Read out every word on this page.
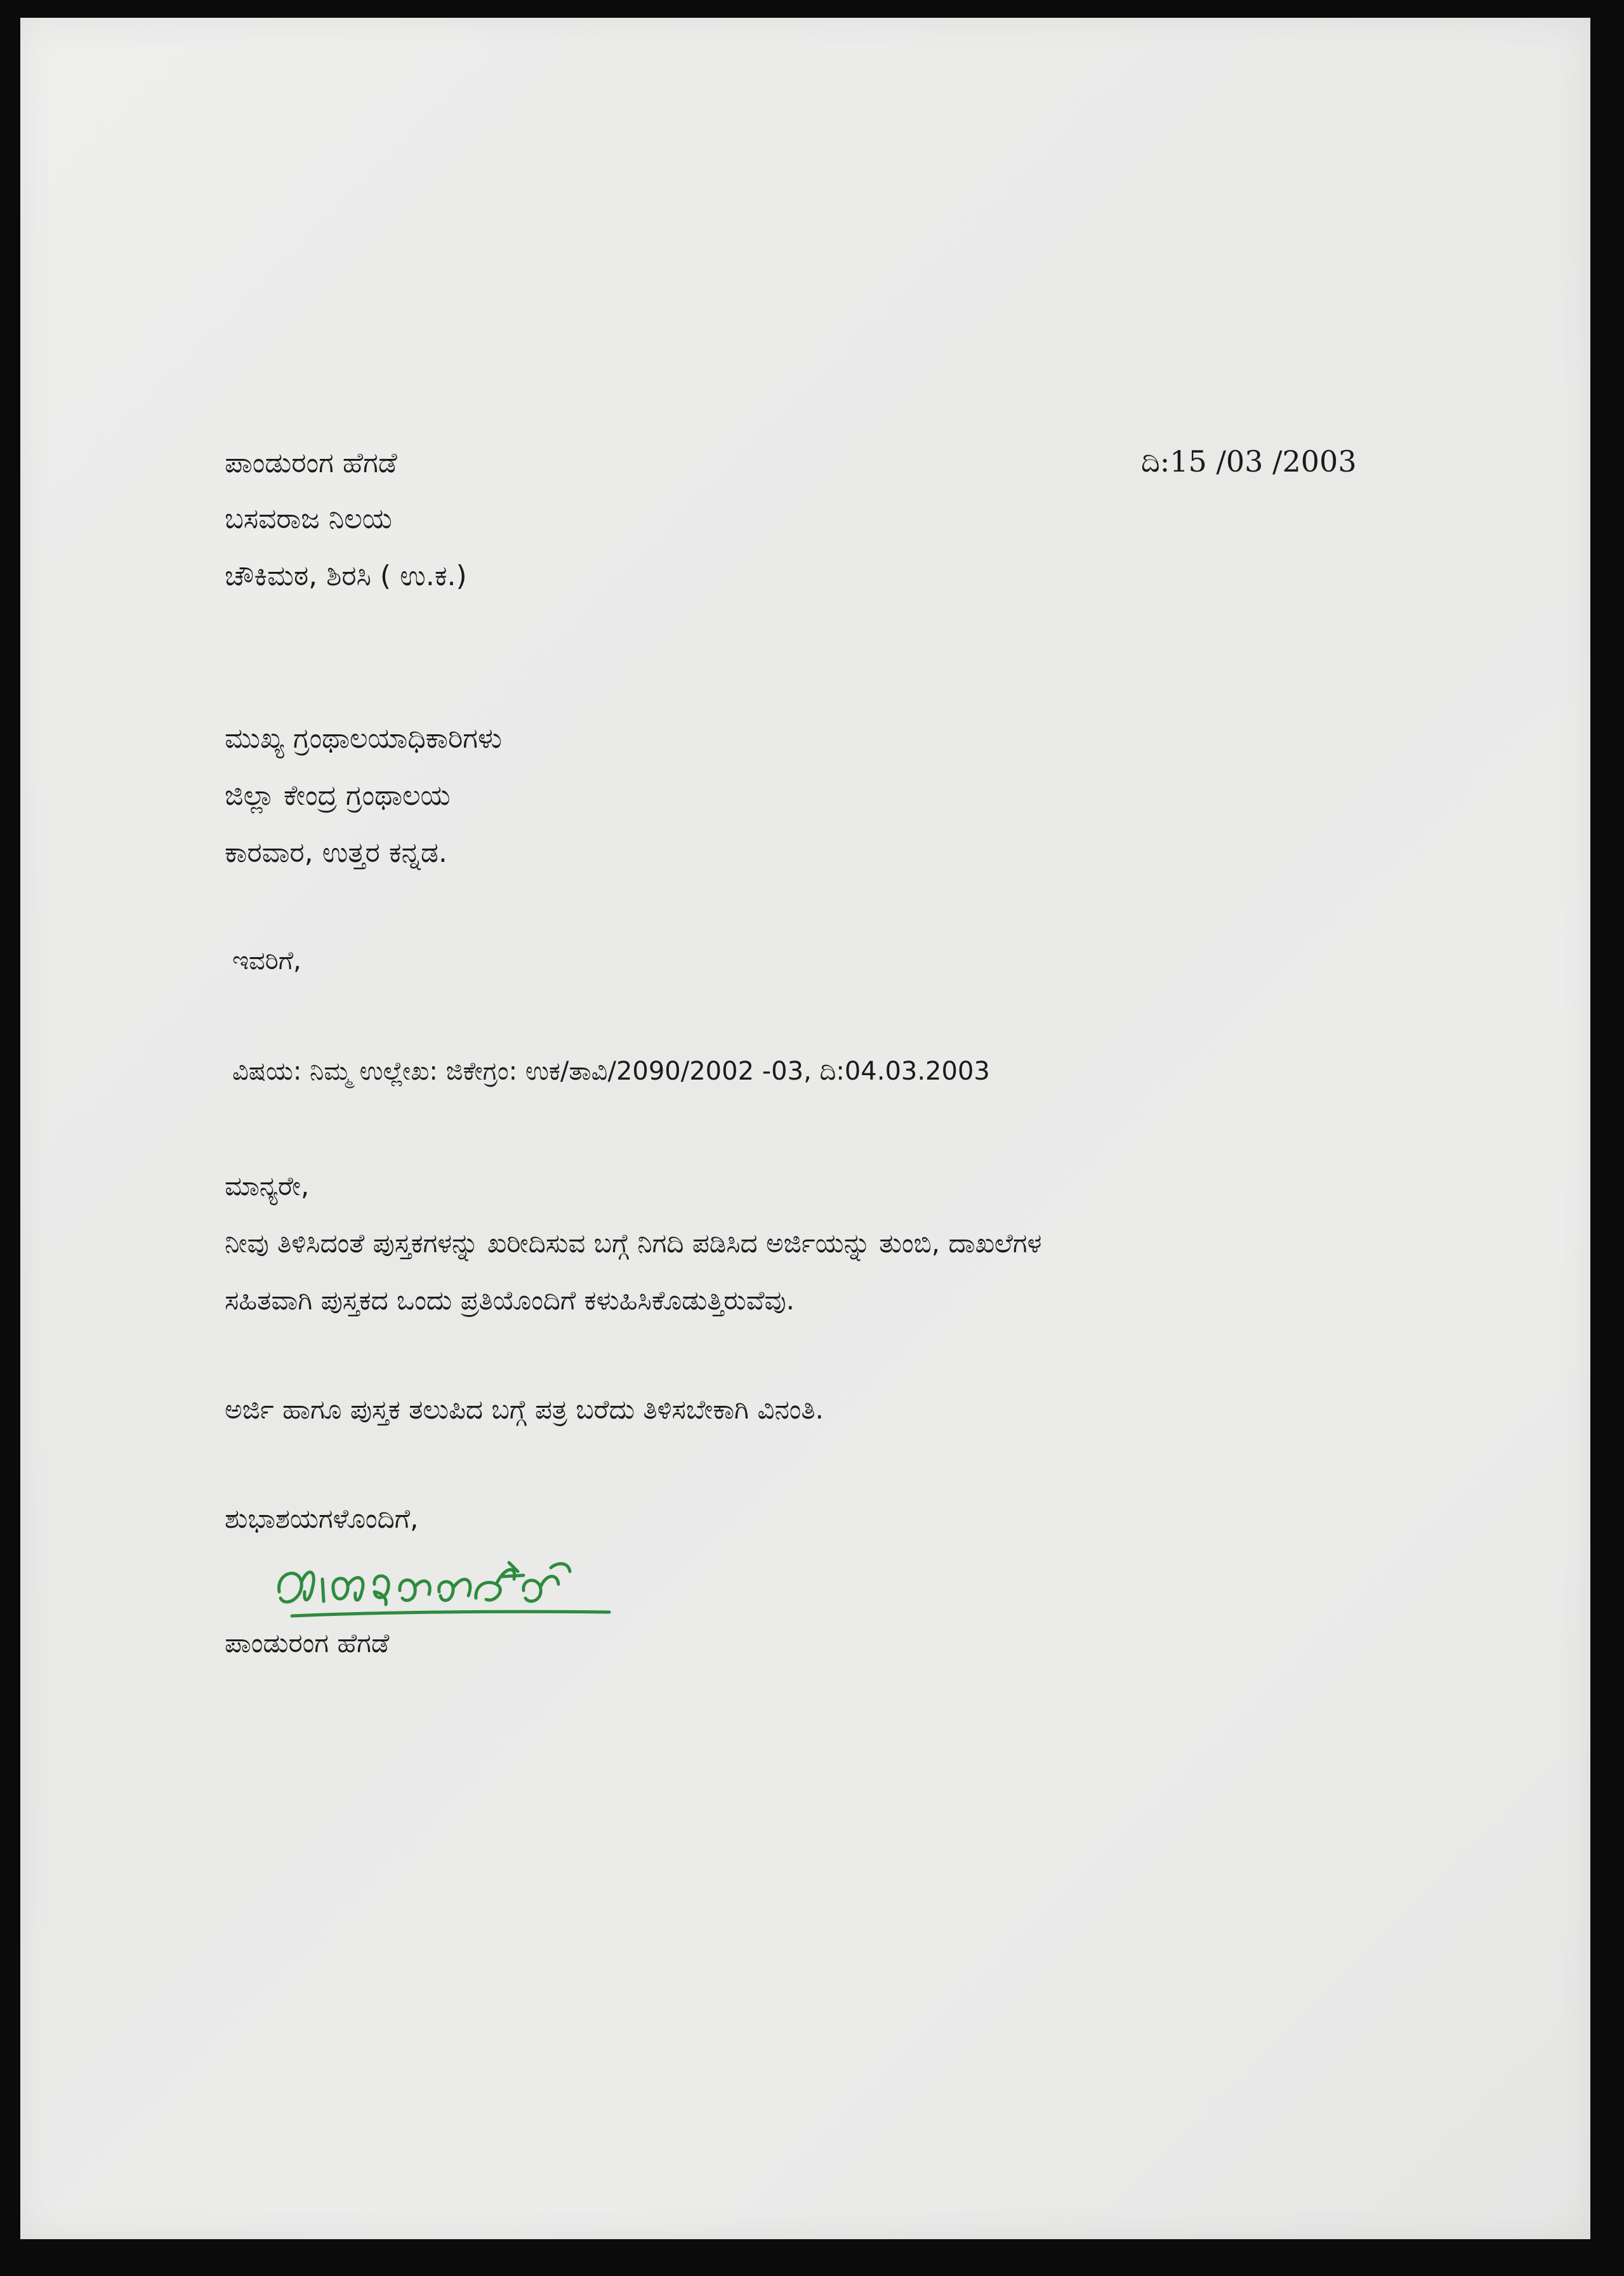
ಪಾಂಡುರಂಗ ಹೆಗಡೆ	ದಿ:15 /03 /2003
ಬಸವರಾಜ ನಿಲಯ
ಚೌಕಿಮಠ, ಶಿರಸಿ ( ಉ.ಕ.)
ಮುಖ್ಯ ಗ್ರಂಥಾಲಯಾಧಿಕಾರಿಗಳು
ಜಿಲ್ಲಾ ಕೇಂದ್ರ ಗ್ರಂಥಾಲಯ
ಕಾರವಾರ, ಉತ್ತರ ಕನ್ನಡ.
ಇವರಿಗೆ,
ವಿಷಯ: ನಿಮ್ಮ ಉಲ್ಲೇಖ: ಜಿಕೇಗ್ರಂ: ಉಕ/ತಾವಿ/2090/2002 -03, ದಿ:04.03.2003
ಮಾನ್ಯರೇ,
ನೀವು ತಿಳಿಸಿದಂತೆ ಪುಸ್ತಕಗಳನ್ನು ಖರೀದಿಸುವ ಬಗ್ಗೆ ನಿಗದಿ ಪಡಿಸಿದ ಅರ್ಜಿಯನ್ನು ತುಂಬಿ, ದಾಖಲೆಗಳ
ಸಹಿತವಾಗಿ ಪುಸ್ತಕದ ಒಂದು ಪ್ರತಿಯೊಂದಿಗೆ ಕಳುಹಿಸಿಕೊಡುತ್ತಿರುವೆವು.
ಅರ್ಜಿ ಹಾಗೂ ಪುಸ್ತಕ ತಲುಪಿದ ಬಗ್ಗೆ ಪತ್ರ ಬರೆದು ತಿಳಿಸಬೇಕಾಗಿ ವಿನಂತಿ.
ಶುಭಾಶಯಗಳೊಂದಿಗೆ,
ಪಾಂಡುರಂಗ ಹೆಗಡೆ
